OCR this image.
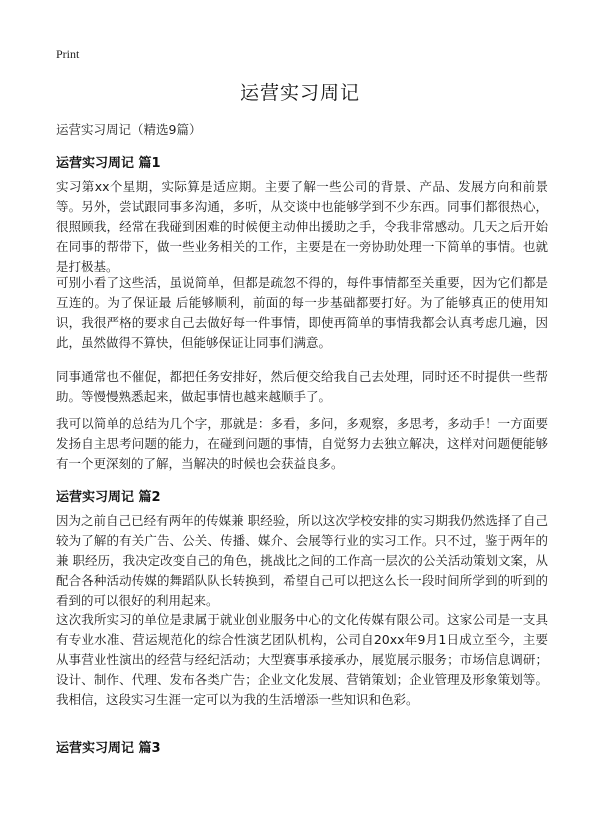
Print
运营实习周记
运营实习周记（精选9篇）
运营实习周记 篇1
实习第xx个星期，实际算是适应期。主要了解一些公司的背景、产品、发展方向和前景等。另外，尝试跟同事多沟通，多听，从交谈中也能够学到不少东西。同事们都很热心，很照顾我，经常在我碰到困难的时候便主动伸出援助之手，令我非常感动。几天之后开始在同事的帮带下，做一些业务相关的工作，主要是在一旁协助处理一下简单的事情。也就是打极基。
可别小看了这些活，虽说简单，但都是疏忽不得的，每件事情都至关重要，因为它们都是互连的。为了保证最 后能够顺利，前面的每一步基础都要打好。为了能够真正的使用知识，我很严格的要求自己去做好每一件事情，即使再简单的事情我都会认真考虑几遍，因此，虽然做得不算快，但能够保证让同事们满意。
同事通常也不催促，都把任务安排好，然后便交给我自己去处理，同时还不时提供一些帮助。等慢慢熟悉起来，做起事情也越来越顺手了。
我可以简单的总结为几个字，那就是：多看，多问，多观察，多思考，多动手！一方面要发扬自主思考问题的能力，在碰到问题的事情，自觉努力去独立解决，这样对问题便能够有一个更深刻的了解，当解决的时候也会获益良多。
运营实习周记 篇2
因为之前自己已经有两年的传媒兼 职经验，所以这次学校安排的实习期我仍然选择了自己较为了解的有关广告、公关、传播、媒介、会展等行业的实习工作。只不过，鉴于两年的兼 职经历，我决定改变自己的角色，挑战比之间的工作高一层次的公关活动策划文案，从配合各种活动传媒的舞蹈队队长转换到，希望自己可以把这么长一段时间所学到的听到的看到的可以很好的利用起来。
这次我所实习的单位是隶属于就业创业服务中心的文化传媒有限公司。这家公司是一支具有专业水准、营运规范化的综合性演艺团队机构，公司自20xx年9月1日成立至今，主要从事营业性演出的经营与经纪活动；大型赛事承接承办，展览展示服务；市场信息调研；设计、制作、代理、发布各类广告；企业文化发展、营销策划；企业管理及形象策划等。我相信，这段实习生涯一定可以为我的生活增添一些知识和色彩。
运营实习周记 篇3
